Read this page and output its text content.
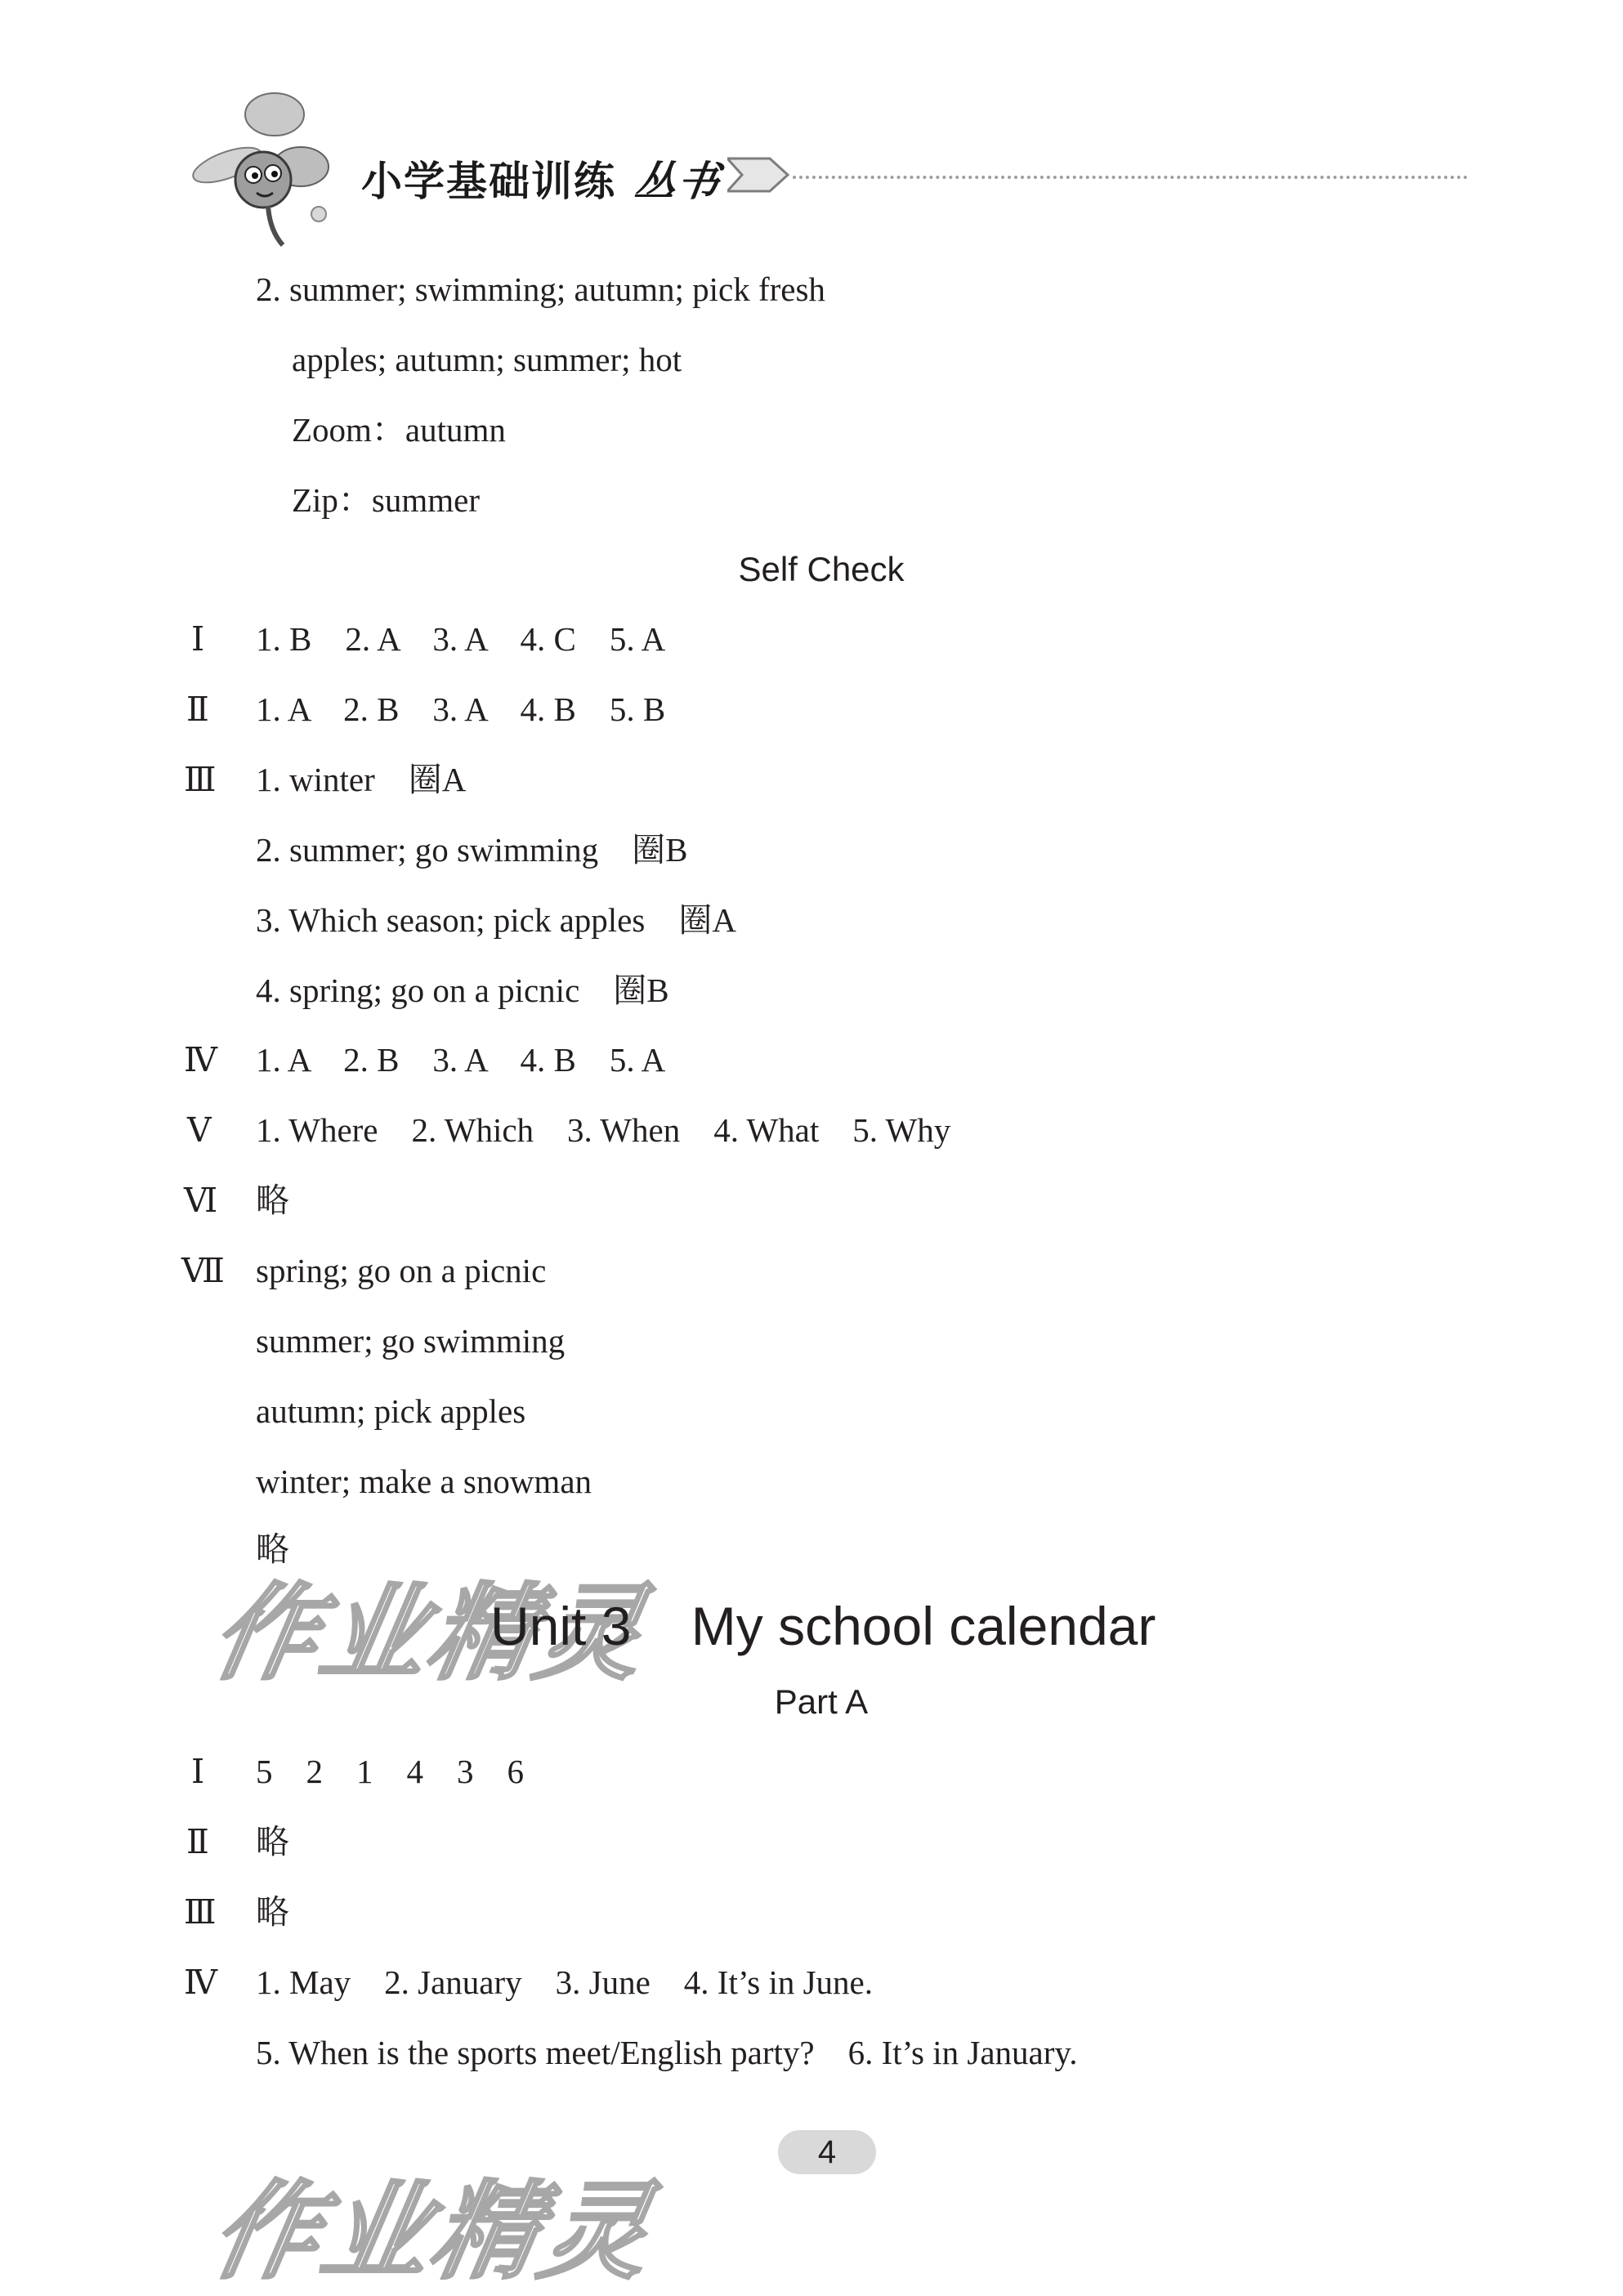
小学基础训练 丛书
2. summer; swimming; autumn; pick fresh
apples; autumn; summer; hot
Zoom：autumn
Zip：summer
Self Check
Ⅰ 1. B    2. A    3. A    4. C    5. A
Ⅱ 1. A    2. B    3. A    4. B    5. B
Ⅲ 1. winter    圈A
2. summer; go swimming    圈B
3. Which season; pick apples    圈A
4. spring; go on a picnic    圈B
Ⅳ 1. A    2. B    3. A    4. B    5. A
Ⅴ 1. Where    2. Which    3. When    4. What    5. Why
Ⅵ 略
Ⅶ spring; go on a picnic
summer; go swimming
autumn; pick apples
winter; make a snowman
略
作业精灵
Unit 3    My school calendar
Part A
Ⅰ 5    2    1    4    3    6
Ⅱ 略
Ⅲ 略
Ⅳ 1. May    2. January    3. June    4. It’s in June.
5. When is the sports meet/English party?    6. It’s in January.
4
作业精灵
